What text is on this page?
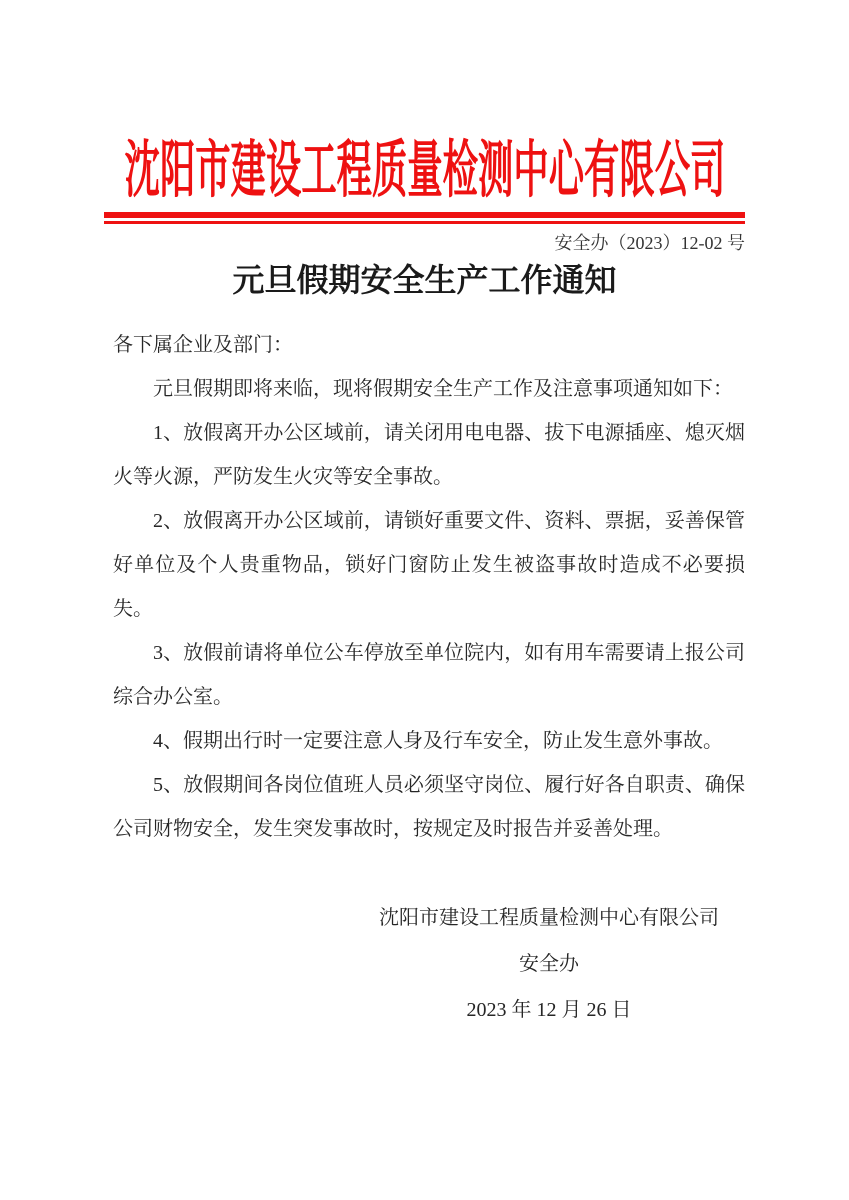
沈阳市建设工程质量检测中心有限公司
安全办（2023）12-02 号
元旦假期安全生产工作通知

各下属企业及部门：

元旦假期即将来临，现将假期安全生产工作及注意事项通知如下：

1、放假离开办公区域前，请关闭用电电器、拔下电源插座、熄灭烟火等火源，严防发生火灾等安全事故。

2、放假离开办公区域前，请锁好重要文件、资料、票据，妥善保管好单位及个人贵重物品，锁好门窗防止发生被盗事故时造成不必要损失。

3、放假前请将单位公车停放至单位院内，如有用车需要请上报公司综合办公室。

4、假期出行时一定要注意人身及行车安全，防止发生意外事故。

5、放假期间各岗位值班人员必须坚守岗位、履行好各自职责、确保公司财物安全，发生突发事故时，按规定及时报告并妥善处理。

沈阳市建设工程质量检测中心有限公司

安全办

2023 年 12 月 26 日
